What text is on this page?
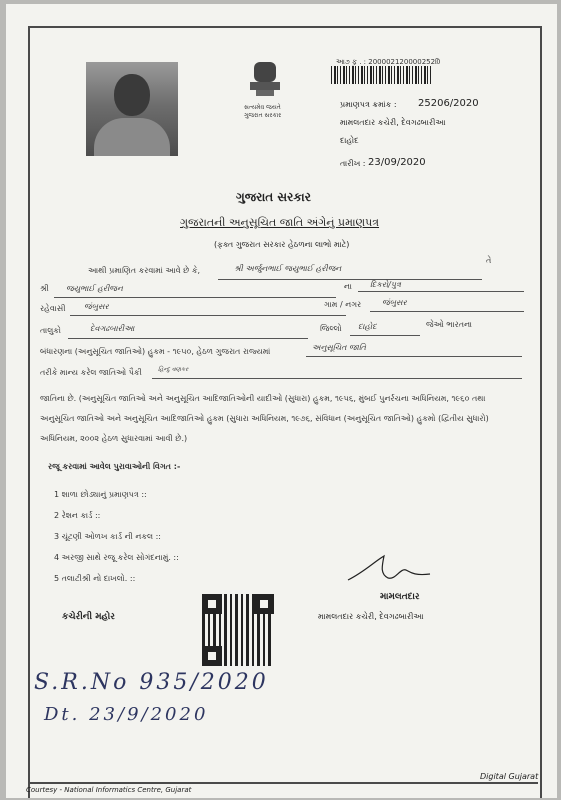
સત્યમેવ જયતે
ગુજરાત સરકાર
આ૭ ફ઼ . : 2000021200002520િ
પ્રમાણપત્ર ક્રમાંક : 25206/2020
મામલતદાર કચેરી, દેવગઢબારીઆ
દાહોદ
તારીખ : 23/09/2020
ગુજરાત સરકાર
ગુજરાતની અનુસૂચિત જાતિ અંગેનું પ્રમાણપત્ર
(ફક્ત ગુજરાત સરકાર હેઠળના લાભો માટે)
આથી પ્રમાણિત કરવામાં આવે છે કે,	શ્રી અર્જુનભાઈ જયુભાઈ હરીજન
તે
શ્રી જયુભાઈ હરીજન	ના દિકરો/પુત્ર
રહેવાસી જંબુસર	ગામ / નગર	જંબુસર
તાલુકો	દેવગઢબારીઆ	જિલ્લો દાહોદ	જેઓ ભારતના
બંધારણના (અનુસૂચિત જાતિઓ) હુકમ - ૧૯૫૦, હેઠળ ગુજરાત રાજ્યમાં	અનુસૂચિત જાતિ
તરીકે માન્ય કરેલ જાતિઓ પૈકી	હિન્દુ વણકર
જાતિના છે. (અનુસૂચિત જાતિઓ અને અનુસૂચિત આદિજાતિઓની યાદીઓ (સુધારા) હુકમ, ૧૯૫૬, મુંબઈ પુનર્રચના અધિનિયમ, ૧૯૬૦ તથા
અનુસૂચિત જાતિઓ અને અનુસૂચિત આદિજાતિઓ હુકમ (સુધારા અધિનિયમ, ૧૯૭૬, સંવિધાન (અનુસૂચિત જાતિઓ) હુકમો (દ્વિતીય સુધારો)
અધિનિયમ, ૨૦૦૨ હેઠળ સુધારવામાં આવી છે.)
રજૂ કરવામાં આવેલ પુરાવાઓની વિગત :-
1 શાળા છોડ્યાનું પ્રમાણપત્ર ::
2 રેશન કાર્ડ ::
3 ચૂંટણી ઓળખ કાર્ડ ની નકલ ::
4 અરજી સાથે રજૂ કરેલ સોગંદનામું. ::
5 તલાટીશ્રી નો દાખલો. ::
મામલતદાર
મામલતદાર કચેરી, દેવગઢબારીઆ
કચેરીની મહોર
S.R.No 935/2020
Dt. 23/9/2020
Courtesy - National Informatics Centre, Gujarat
Digital Gujarat
